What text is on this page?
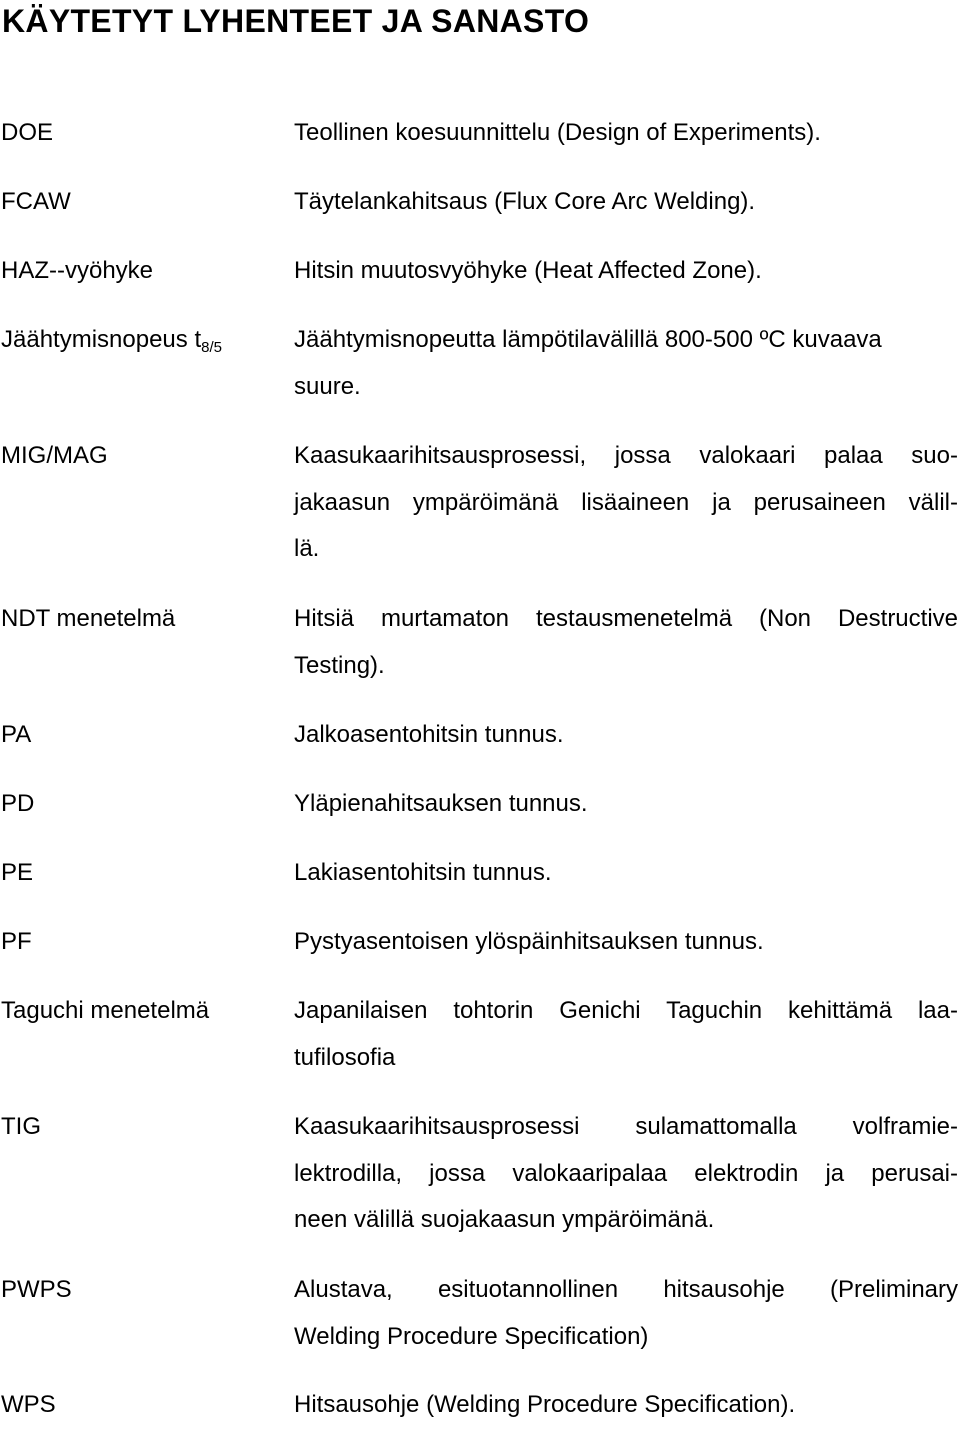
KÄYTETYT LYHENTEET JA SANASTO
DOE	Teollinen koesuunnittelu (Design of Experiments).
FCAW	Täytelankahitsaus (Flux Core Arc Welding).
HAZ--vyöhyke	Hitsin muutosvyöhyke (Heat Affected Zone).
Jäähtymisnopeus $t_{8/5}$	Jäähtymisnopeutta lämpötilavälillä 800-500 ºC kuvaava
suure.
MIG/MAG	Kaasukaarihitsausprosessi, jossa valokaari palaa suo-
jakaasun ympäröimänä lisäaineen ja perusaineen välil-
lä.
NDT menetelmä	Hitsiä murtamaton testausmenetelmä (Non Destructive
Testing).
PA	Jalkoasentohitsin tunnus.
PD	Yläpienahitsauksen tunnus.
PE	Lakiasentohitsin tunnus.
PF	Pystyasentoisen ylöspäinhitsauksen tunnus.
Taguchi menetelmä	Japanilaisen tohtorin Genichi Taguchin kehittämä laa-
tufilosofia
TIG	Kaasukaarihitsausprosessi sulamattomalla volframie-
lektrodilla, jossa valokaaripalaa elektrodin ja perusai-
neen välillä suojakaasun ympäröimänä.
PWPS	Alustava, esituotannollinen hitsausohje (Preliminary
Welding Procedure Specification)
WPS	Hitsausohje (Welding Procedure Specification).
